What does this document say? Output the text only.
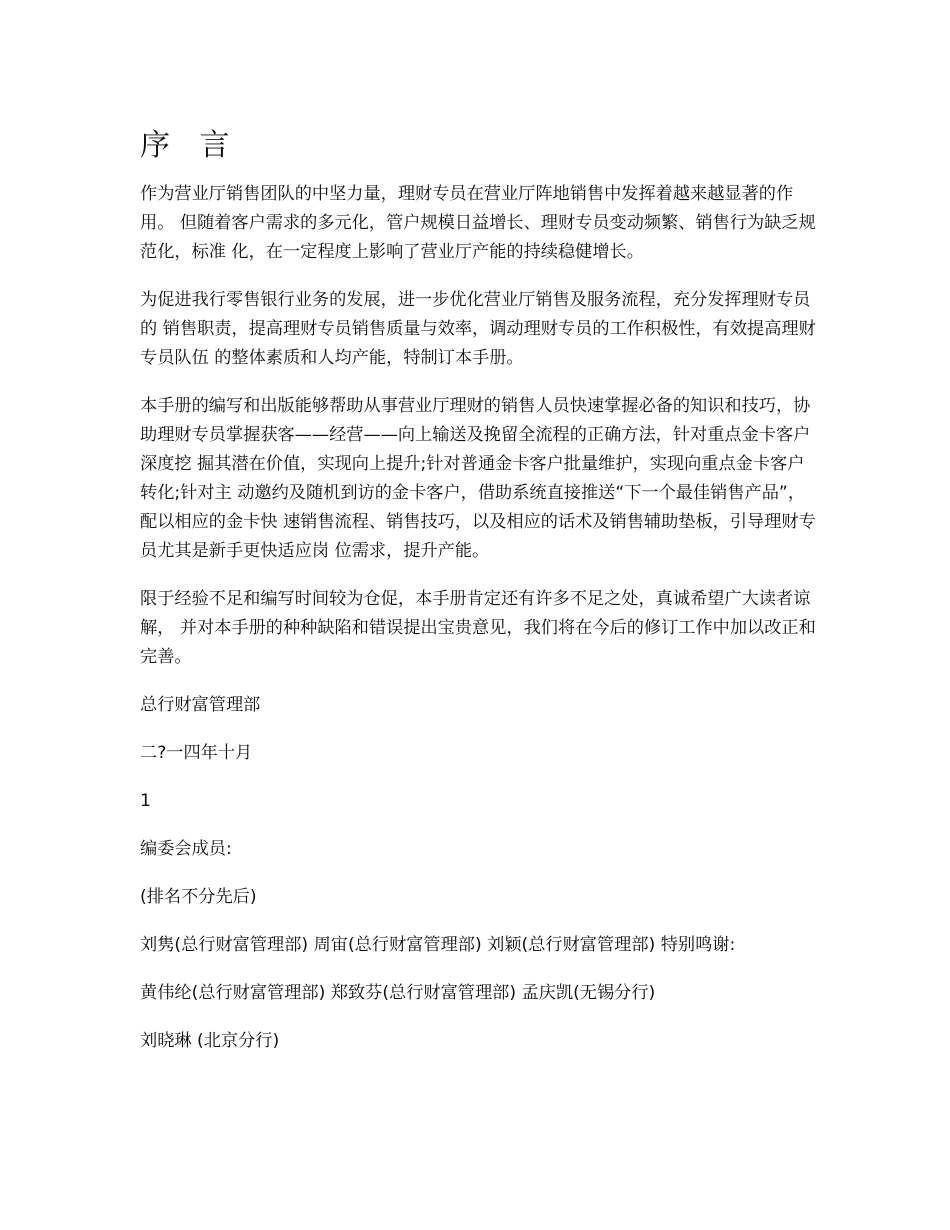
序 言

作为营业厅销售团队的中坚力量，理财专员在营业厅阵地销售中发挥着越来越显著的作用。 但随着客户需求的多元化，管户规模日益增长、理财专员变动频繁、销售行为缺乏规范化，标准 化，在一定程度上影响了营业厅产能的持续稳健增长。

为促进我行零售银行业务的发展，进一步优化营业厅销售及服务流程，充分发挥理财专员的 销售职责，提高理财专员销售质量与效率，调动理财专员的工作积极性，有效提高理财专员队伍 的整体素质和人均产能，特制订本手册。

本手册的编写和出版能够帮助从事营业厅理财的销售人员快速掌握必备的知识和技巧，协 助理财专员掌握获客——经营——向上输送及挽留全流程的正确方法，针对重点金卡客户深度挖 掘其潜在价值，实现向上提升;针对普通金卡客户批量维护，实现向重点金卡客户转化;针对主 动邀约及随机到访的金卡客户，借助系统直接推送“下一个最佳销售产品”，配以相应的金卡快 速销售流程、销售技巧，以及相应的话术及销售辅助垫板，引导理财专员尤其是新手更快适应岗 位需求，提升产能。

限于经验不足和编写时间较为仓促，本手册肯定还有许多不足之处，真诚希望广大读者谅解， 并对本手册的种种缺陷和错误提出宝贵意见，我们将在今后的修订工作中加以改正和完善。

总行财富管理部
二?一四年十月
1
编委会成员:
(排名不分先后)
刘隽(总行财富管理部) 周宙(总行财富管理部) 刘颖(总行财富管理部) 特别鸣谢:
黄伟纶(总行财富管理部) 郑致芬(总行财富管理部) 孟庆凯(无锡分行)
刘晓琳 (北京分行)
